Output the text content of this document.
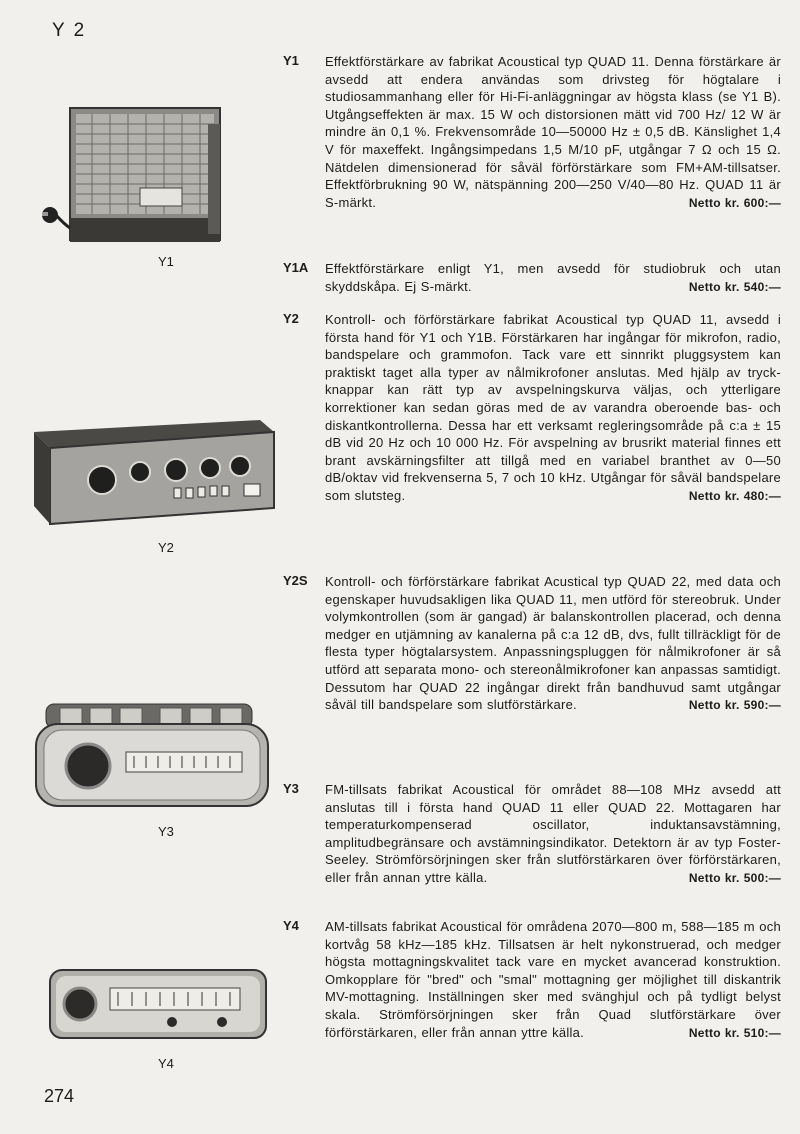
Y 2
Y1
Y2
Y3
Y4
Y1	Effektförstärkare av fabrikat Acoustical typ QUAD 11. Denna förstärkare är avsedd att endera användas som drivsteg för högtalare i studiosammanhang eller för Hi-Fi-anläggningar av högsta klass (se Y1 B). Utgångseffekten är max. 15 W och distorsionen mätt vid 700 Hz/ 12 W är mindre än 0,1 %. Frekvensområde 10—50000 Hz ± 0,5 dB. Känslighet 1,4 V för maxeffekt. Ingångsimpedans 1,5 M/10 pF, utgångar 7 Ω och 15 Ω. Nätdelen dimensionerad för såväl förförstärkare som FM+AM-tillsatser. Effektförbrukning 90 W, nätspänning 200—250 V/40—80 Hz. QUAD 11 är S-märkt.	Netto kr. 600:—
Y1A	Effektförstärkare enligt Y1, men avsedd för studiobruk och utan skyddskåpa. Ej S-märkt.	Netto kr. 540:—
Y2	Kontroll- och förförstärkare fabrikat Acoustical typ QUAD 11, avsedd i första hand för Y1 och Y1B. Förstärkaren har ingångar för mikrofon, radio, bandspelare och grammofon. Tack vare ett sinnrikt pluggsystem kan praktiskt taget alla typer av nålmikrofoner anslutas. Med hjälp av tryck-knappar kan rätt typ av avspelningskurva väljas, och ytterligare korrektioner kan sedan göras med de av varandra oberoende bas- och diskantkontrollerna. Dessa har ett verksamt regleringsområde på c:a ± 15 dB vid 20 Hz och 10 000 Hz. För avspelning av brusrikt material finnes ett brant avskärningsfilter att tillgå med en variabel branthet av 0—50 dB/oktav vid frekvenserna 5, 7 och 10 kHz. Utgångar för såväl bandspelare som slutsteg.	Netto kr. 480:—
Y2S	Kontroll- och förförstärkare fabrikat Acustical typ QUAD 22, med data och egenskaper huvudsakligen lika QUAD 11, men utförd för stereobruk. Under volymkontrollen (som är gangad) är balanskontrollen placerad, och denna medger en utjämning av kanalerna på c:a 12 dB, dvs, fullt tillräckligt för de flesta typer högtalarsystem. Anpassningspluggen för nålmikrofoner är så utförd att separata mono- och stereonålmikrofoner kan anpassas samtidigt. Dessutom har QUAD 22 ingångar direkt från bandhuvud samt utgångar såväl till bandspelare som slutförstärkare.	Netto kr. 590:—
Y3	FM-tillsats fabrikat Acoustical för området 88—108 MHz avsedd att anslutas till i första hand QUAD 11 eller QUAD 22. Mottagaren har temperaturkompenserad oscillator, induktansavstämning, amplitudbegränsare och avstämningsindikator. Detektorn är av typ Foster-Seeley. Strömförsörjningen sker från slutförstärkaren över förförstärkaren, eller från annan yttre källa.	Netto kr. 500:—
Y4	AM-tillsats fabrikat Acoustical för områdena 2070—800 m, 588—185 m och kortvåg 58 kHz—185 kHz. Tillsatsen är helt nykonstruerad, och medger högsta mottagningskvalitet tack vare en mycket avancerad konstruktion. Omkopplare för "bred" och "smal" mottagning ger möjlighet till diskantrik MV-mottagning. Inställningen sker med svänghjul och på tydligt belyst skala. Strömförsörjningen sker från Quad slutförstärkare över förförstärkaren, eller från annan yttre källa.	Netto kr. 510:—
274
